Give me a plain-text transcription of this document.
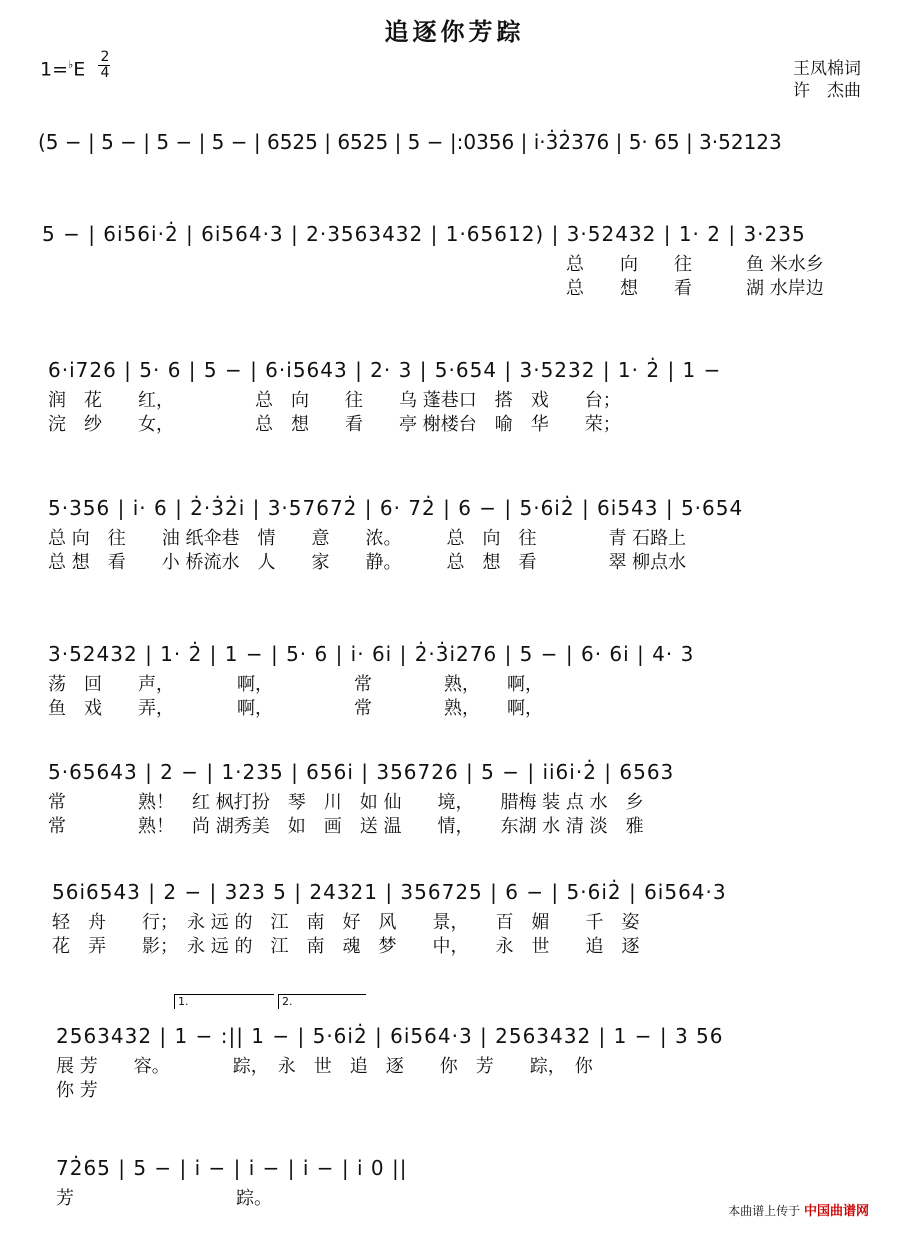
追逐你芳踪
1=♭E
2
4	王凤棉词
许　杰曲
(5 − | 5 − | 5 − | 5 − | 6525 | 6525 | 5 − |:0356 | i·3̇2̇376 | 5· 65 | 3·52123
5 − | 6i56i·2̇ | 6i564·3 | 2·3563432 | 1·65612) | 3·52432 | 1· 2 | 3·235
总　　向　　往　　　鱼 米水乡
总　　想　　看　　　湖 水岸边
6·i726 | 5· 6 | 5 − | 6·i5643 | 2· 3 | 5·654 | 3·5232 | 1· 2̇ | 1 −
润　花　　红，　　　　　总　向　　往　　乌 蓬巷口　搭　戏　　台；
浣　纱　　女，　　　　　总　想　　看　　亭 榭楼台　喻　华　　荣；
5·356 | i· 6 | 2̇·3̇2̇i | 3·57672̇ | 6· 72̇ | 6 − | 5·6i2̇ | 6i543 | 5·654
总 向　往　　油 纸伞巷　情　　意　　浓。　　　总　向　往　　　　青 石路上
总 想　看　　小 桥流水　人　　家　　静。　　　总　想　看　　　　翠 柳点水
3·52432 | 1· 2̇ | 1 − | 5· 6 | i· 6i | 2̇·3̇i276 | 5 − | 6· 6i | 4· 3
荡　回　　声，　　　　啊，　　　　　常　　　　熟，　　啊，
鱼　戏　　弄，　　　　啊，　　　　　常　　　　熟，　　啊，
5·65643 | 2 − | 1·235 | 656i | 356726 | 5 − | ii6i·2̇ | 6563
常　　　　熟！　红 枫打扮　琴　川　如 仙　　境，　　腊梅 装 点 水　乡
常　　　　熟！　尚 湖秀美　如　画　送 温　　情，　　东湖 水 清 淡　雅
56i6543 | 2 − | 323 5 | 24321 | 356725 | 6 − | 5·6i2̇ | 6i564·3
轻　舟　　行；　永 远 的　江　南　好　风　　景，　　百　媚　　千　姿
花　弄　　影；　永 远 的　江　南　魂　梦　　中，　　永　世　　追　逐
1.	2.
2563432 | 1 − :|| 1 − | 5·6i2̇ | 6i564·3 | 2563432 | 1 − | 3 56
展 芳　　容。　　　　踪，　永　世　追　逐　　你　芳　　踪，　你
你 芳
72̇65 | 5 − | i − | i − | i − | i 0 ||
芳　　　　　　　　　踪。
本曲谱上传于 中国曲谱网
